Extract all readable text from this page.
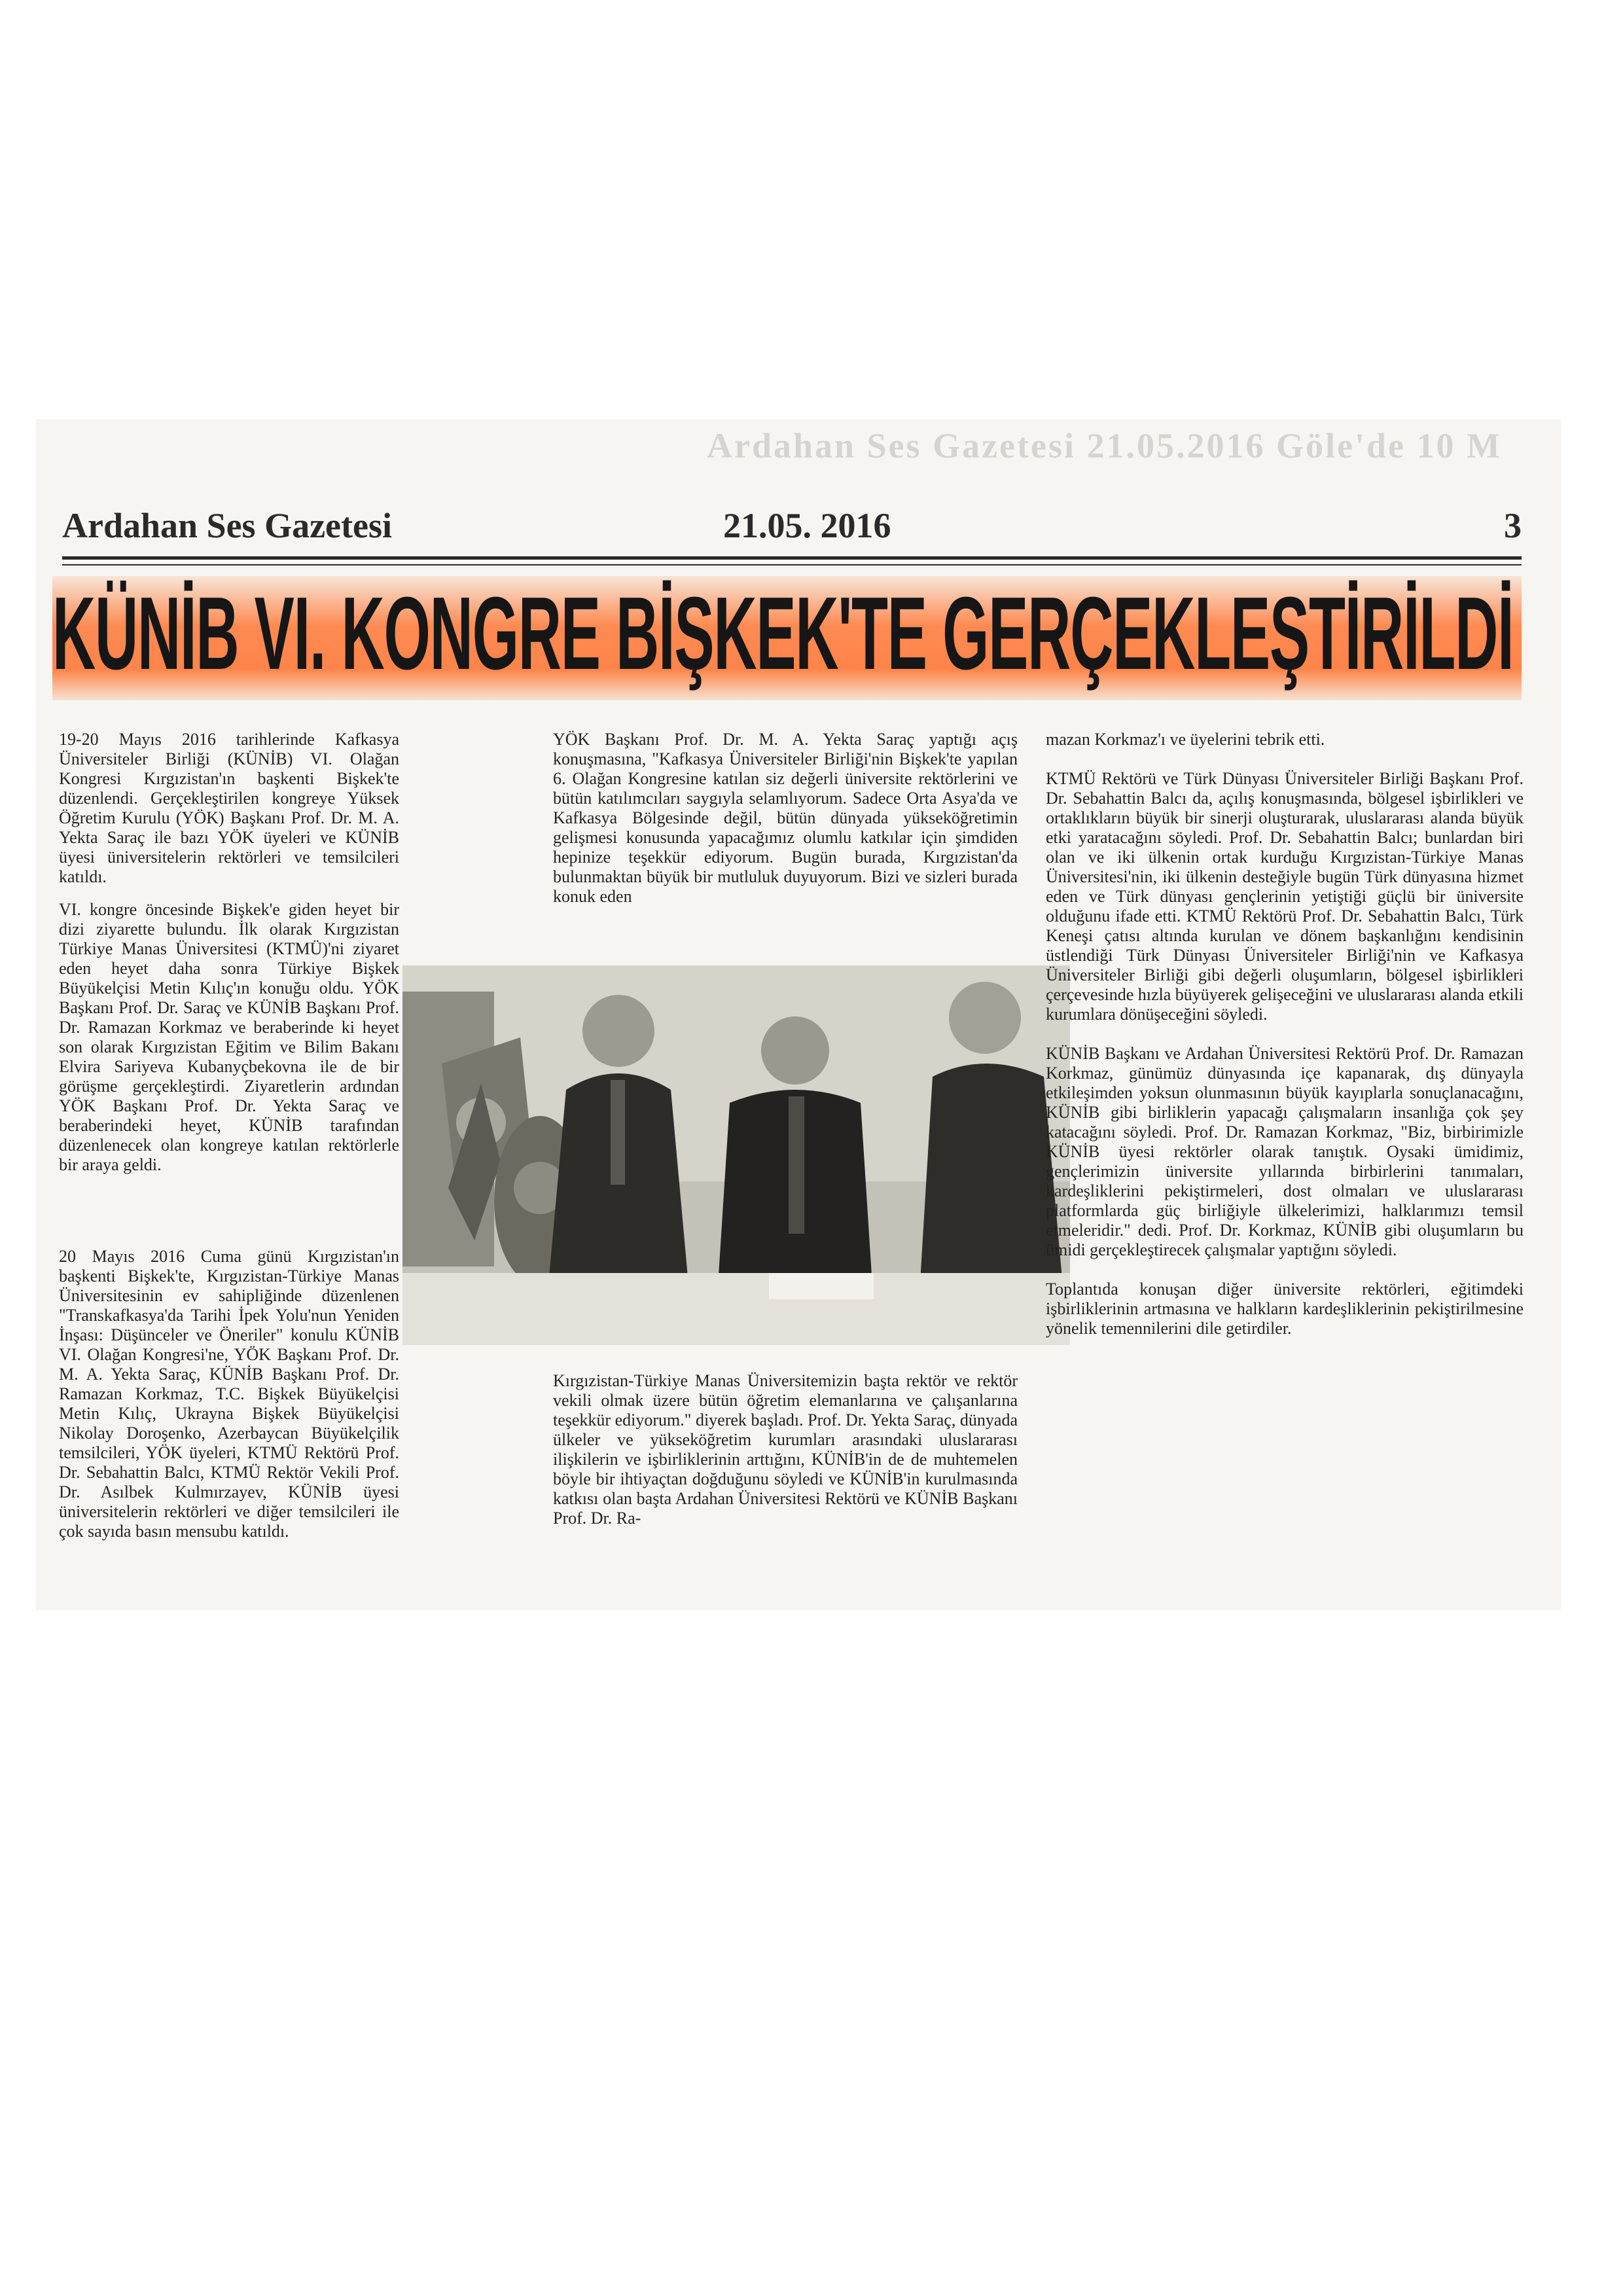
Ardahan Ses Gazetesi 21.05.2016 Göle'de 10 M
Ardahan Ses Gazetesi	21.05. 2016	3
KÜNİB VI. KONGRE BİŞKEK'TE GERÇEKLEŞTİRİLDİ

19-20 Mayıs 2016 tarihlerinde Kafkasya Üniversiteler Birliği (KÜNİB) VI. Olağan Kongresi Kırgızistan'ın başkenti Bişkek'te düzenlendi. Gerçekleştirilen kongreye Yüksek Öğretim Kurulu (YÖK) Başkanı Prof. Dr. M. A. Yekta Saraç ile bazı YÖK üyeleri ve KÜNİB üyesi üniversitelerin rektörleri ve temsilcileri katıldı.

VI. kongre öncesinde Bişkek'e giden heyet bir dizi ziyarette bulundu. İlk olarak Kırgızistan Türkiye Manas Üniversitesi (KTMÜ)'ni ziyaret eden heyet daha sonra Türkiye Bişkek Büyükelçisi Metin Kılıç'ın konuğu oldu. YÖK Başkanı Prof. Dr. Saraç ve KÜNİB Başkanı Prof. Dr. Ramazan Korkmaz ve beraberinde ki heyet son olarak Kırgızistan Eğitim ve Bilim Bakanı Elvira Sariyeva Kubanyçbekovna ile de bir görüşme gerçekleştirdi. Ziyaretlerin ardından YÖK Başkanı Prof. Dr. Yekta Saraç ve beraberindeki heyet, KÜNİB tarafından düzenlenecek olan kongreye katılan rektörlerle bir araya geldi.

20 Mayıs 2016 Cuma günü Kırgızistan'ın başkenti Bişkek'te, Kırgızistan-Türkiye Manas Üniversitesinin ev sahipliğinde düzenlenen "Transkafkasya'da Tarihi İpek Yolu'nun Yeniden İnşası: Düşünceler ve Öneriler" konulu KÜNİB VI. Olağan Kongresi'ne, YÖK Başkanı Prof. Dr. M. A. Yekta Saraç, KÜNİB Başkanı Prof. Dr. Ramazan Korkmaz, T.C. Bişkek Büyükelçisi Metin Kılıç, Ukrayna Bişkek Büyükelçisi Nikolay Doroşenko, Azerbaycan Büyükelçilik temsilcileri, YÖK üyeleri, KTMÜ Rektörü Prof. Dr. Sebahattin Balcı, KTMÜ Rektör Vekili Prof. Dr. Asılbek Kulmırzayev, KÜNİB üyesi üniversitelerin rektörleri ve diğer temsilcileri ile çok sayıda basın mensubu katıldı.

YÖK Başkanı Prof. Dr. M. A. Yekta Saraç yaptığı açış konuşmasına, "Kafkasya Üniversiteler Birliği'nin Bişkek'te yapılan 6. Olağan Kongresine katılan siz değerli üniversite rektörlerini ve bütün katılımcıları saygıyla selamlıyorum. Sadece Orta Asya'da ve Kafkasya Bölgesinde değil, bütün dünyada yükseköğretimin gelişmesi konusunda yapacağımız olumlu katkılar için şimdiden hepinize teşekkür ediyorum. Bugün burada, Kırgızistan'da bulunmaktan büyük bir mutluluk duyuyorum. Bizi ve sizleri burada konuk eden

Kırgızistan-Türkiye Manas Üniversitemizin başta rektör ve rektör vekili olmak üzere bütün öğretim elemanlarına ve çalışanlarına teşekkür ediyorum." diyerek başladı. Prof. Dr. Yekta Saraç, dünyada ülkeler ve yükseköğretim kurumları arasındaki uluslararası ilişkilerin ve işbirliklerinin arttığını, KÜNİB'in de de muhtemelen böyle bir ihtiyaçtan doğduğunu söyledi ve KÜNİB'in kurulmasında katkısı olan başta Ardahan Üniversitesi Rektörü ve KÜNİB Başkanı Prof. Dr. Ra-

mazan Korkmaz'ı ve üyelerini tebrik etti.

KTMÜ Rektörü ve Türk Dünyası Üniversiteler Birliği Başkanı Prof. Dr. Sebahattin Balcı da, açılış konuşmasında, bölgesel işbirlikleri ve ortaklıkların büyük bir sinerji oluşturarak, uluslararası alanda büyük etki yaratacağını söyledi. Prof. Dr. Sebahattin Balcı; bunlardan biri olan ve iki ülkenin ortak kurduğu Kırgızistan-Türkiye Manas Üniversitesi'nin, iki ülkenin desteğiyle bugün Türk dünyasına hizmet eden ve Türk dünyası gençlerinin yetiştiği güçlü bir üniversite olduğunu ifade etti. KTMÜ Rektörü Prof. Dr. Sebahattin Balcı, Türk Keneşi çatısı altında kurulan ve dönem başkanlığını kendisinin üstlendiği Türk Dünyası Üniversiteler Birliği'nin ve Kafkasya Üniversiteler Birliği gibi değerli oluşumların, bölgesel işbirlikleri çerçevesinde hızla büyüyerek gelişeceğini ve uluslararası alanda etkili kurumlara dönüşeceğini söyledi.

KÜNİB Başkanı ve Ardahan Üniversitesi Rektörü Prof. Dr. Ramazan Korkmaz, günümüz dünyasında içe kapanarak, dış dünyayla etkileşimden yoksun olunmasının büyük kayıplarla sonuçlanacağını, KÜNİB gibi birliklerin yapacağı çalışmaların insanlığa çok şey katacağını söyledi. Prof. Dr. Ramazan Korkmaz, "Biz, birbirimizle KÜNİB üyesi rektörler olarak tanıştık. Oysaki ümidimiz, gençlerimizin üniversite yıllarında birbirlerini tanımaları, kardeşliklerini pekiştirmeleri, dost olmaları ve uluslararası platformlarda güç birliğiyle ülkelerimizi, halklarımızı temsil etmeleridir." dedi. Prof. Dr. Korkmaz, KÜNİB gibi oluşumların bu ümidi gerçekleştirecek çalışmalar yaptığını söyledi.

Toplantıda konuşan diğer üniversite rektörleri, eğitimdeki işbirliklerinin artmasına ve halkların kardeşliklerinin pekiştirilmesine yönelik temennilerini dile getirdiler.
